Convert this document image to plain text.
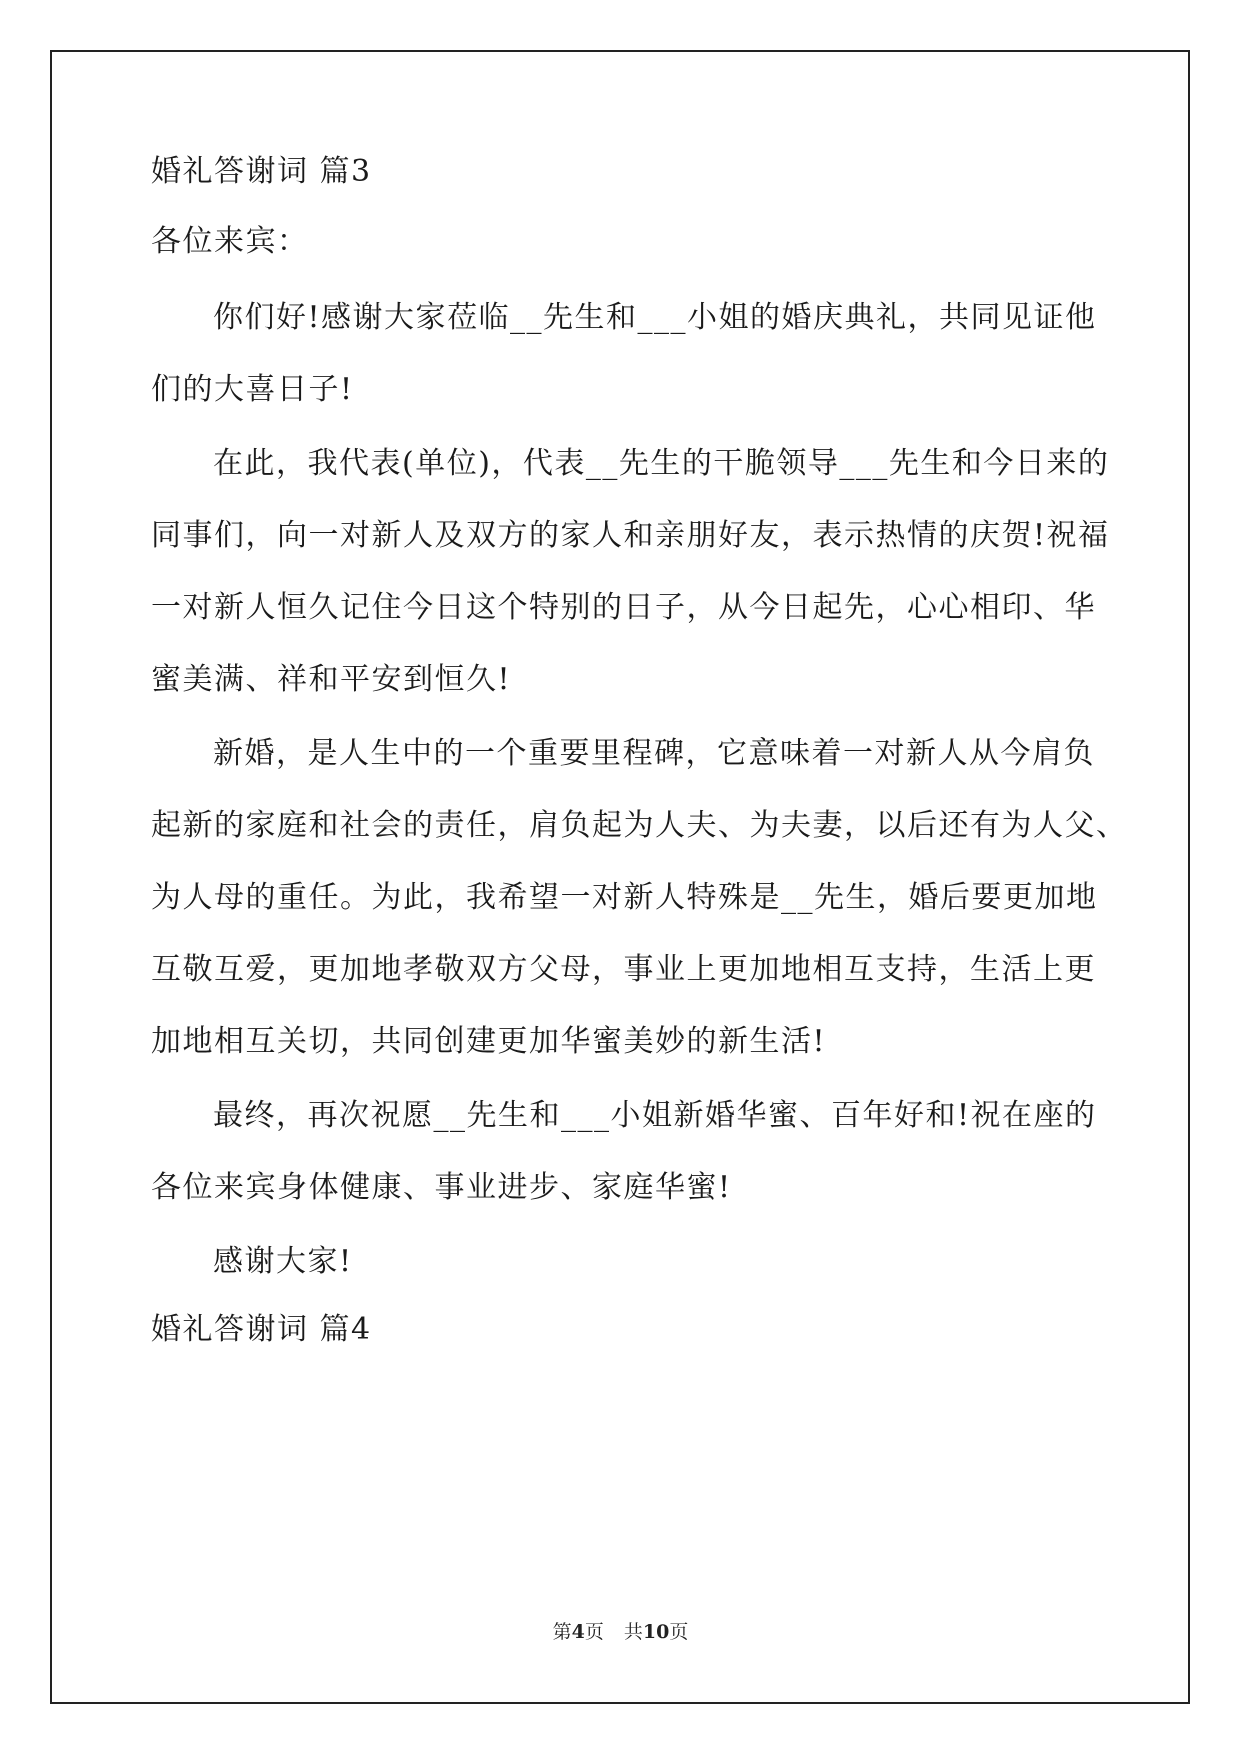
婚礼答谢词 篇3
各位来宾：
你们好!感谢大家莅临__先生和___小姐的婚庆典礼，共同见证他
们的大喜日子!
在此，我代表(单位)，代表__先生的干脆领导___先生和今日来的
同事们，向一对新人及双方的家人和亲朋好友，表示热情的庆贺!祝福
一对新人恒久记住今日这个特别的日子，从今日起先，心心相印、华
蜜美满、祥和平安到恒久!
新婚，是人生中的一个重要里程碑，它意味着一对新人从今肩负
起新的家庭和社会的责任，肩负起为人夫、为夫妻，以后还有为人父、
为人母的重任。为此，我希望一对新人特殊是__先生，婚后要更加地
互敬互爱，更加地孝敬双方父母，事业上更加地相互支持，生活上更
加地相互关切，共同创建更加华蜜美妙的新生活!
最终，再次祝愿__先生和___小姐新婚华蜜、百年好和!祝在座的
各位来宾身体健康、事业进步、家庭华蜜!
感谢大家!
婚礼答谢词 篇4
第4页 共10页
